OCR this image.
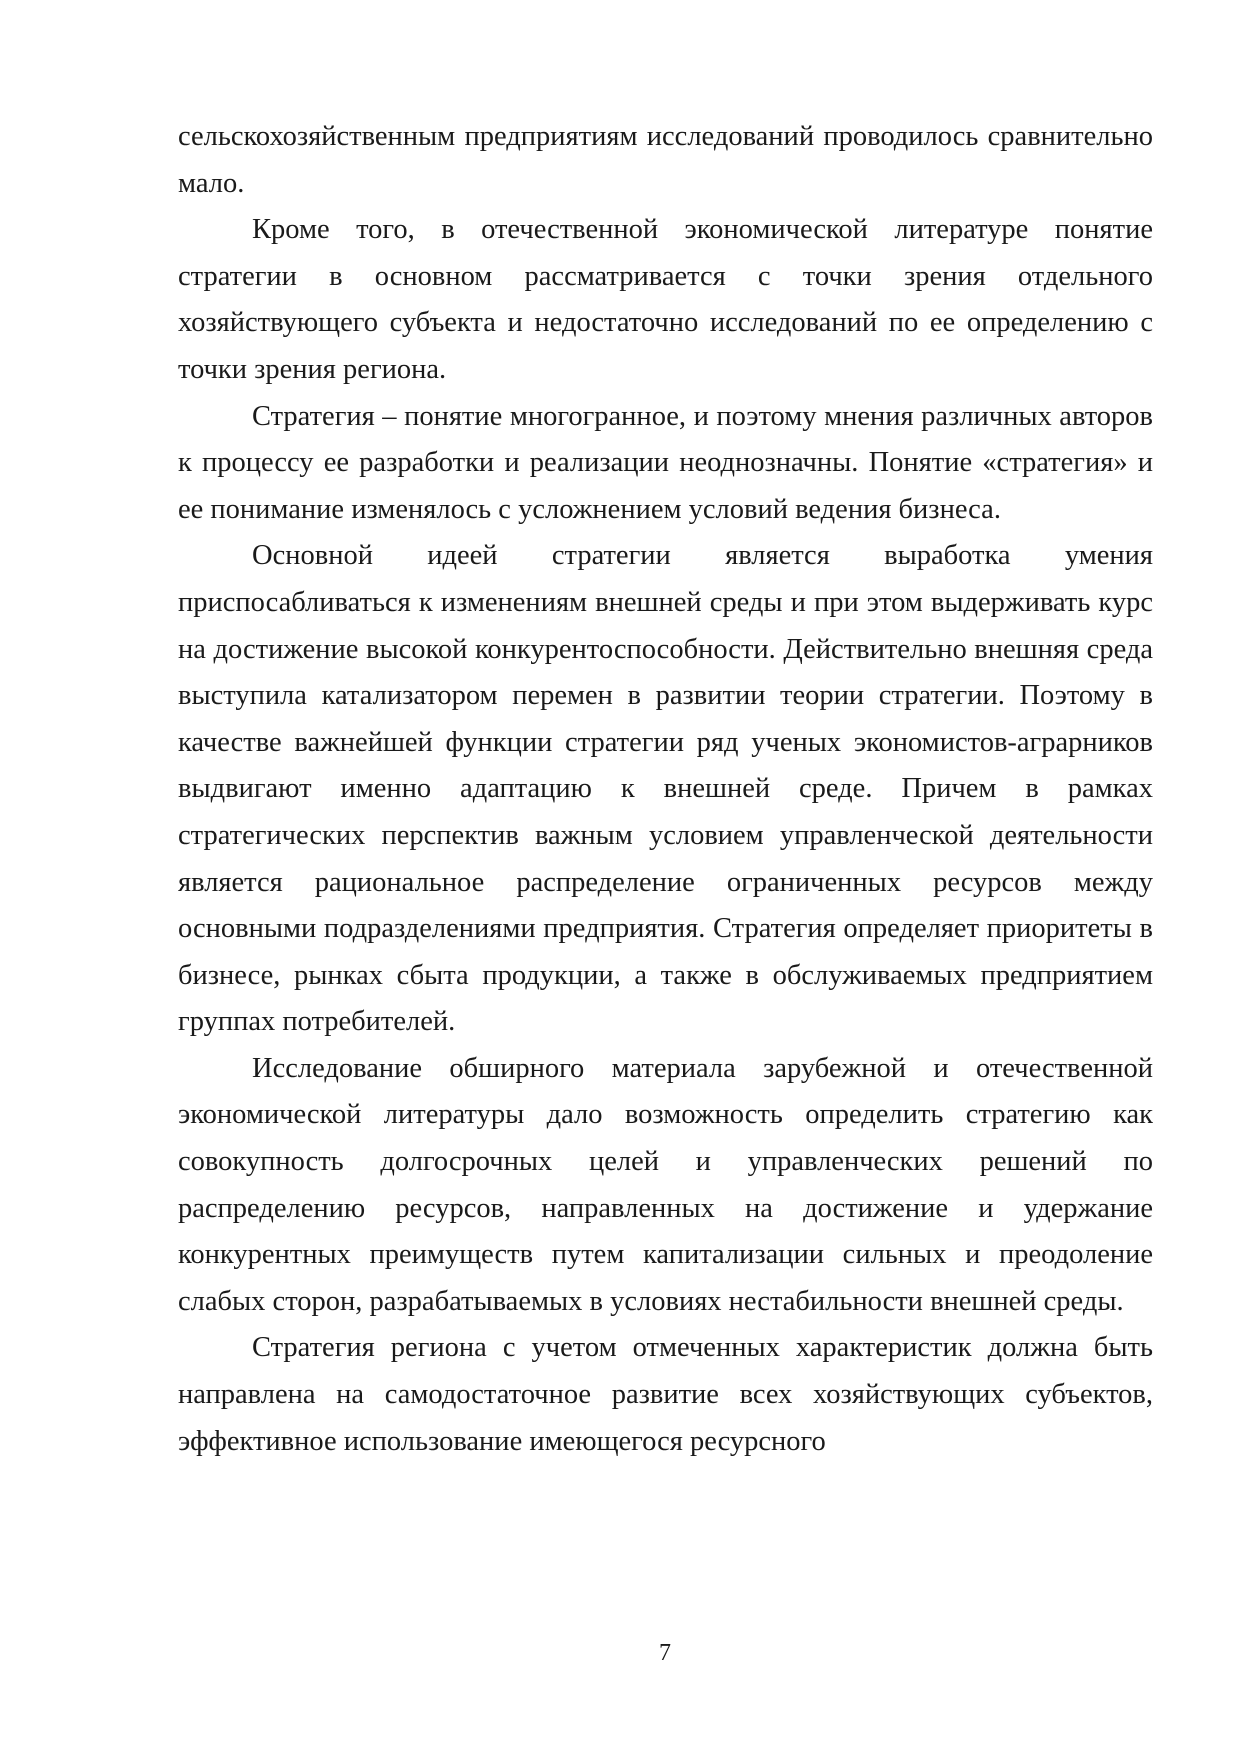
сельскохозяйственным предприятиям исследований проводилось сравнительно мало.

Кроме того, в отечественной экономической литературе понятие стратегии в основном рассматривается с точки зрения отдельного хозяйствующего субъекта и недостаточно исследований по ее определению с точки зрения региона.

Стратегия – понятие многогранное, и поэтому мнения различных авторов к процессу ее разработки и реализации неоднозначны. Понятие «стратегия» и ее понимание изменялось с усложнением условий ведения бизнеса.

Основной идеей стратегии является выработка умения приспосабливаться к изменениям внешней среды и при этом выдерживать курс на достижение высокой конкурентоспособности. Действительно внешняя среда выступила катализатором перемен в развитии теории стратегии. Поэтому в качестве важнейшей функции стратегии ряд ученых экономистов-аграрников выдвигают именно адаптацию к внешней среде. Причем в рамках стратегических перспектив важным условием управленческой деятельности является рациональное распределение ограниченных ресурсов между основными подразделениями предприятия. Стратегия определяет приоритеты в бизнесе, рынках сбыта продукции, а также в обслуживаемых предприятием группах потребителей.

Исследование обширного материала зарубежной и отечественной экономической литературы дало возможность определить стратегию как совокупность долгосрочных целей и управленческих решений по распределению ресурсов, направленных на достижение и удержание конкурентных преимуществ путем капитализации сильных и преодоление слабых сторон, разрабатываемых в условиях нестабильности внешней среды.

Стратегия региона с учетом отмеченных характеристик должна быть направлена на самодостаточное развитие всех хозяйствующих субъектов, эффективное использование имеющегося ресурсного

7
